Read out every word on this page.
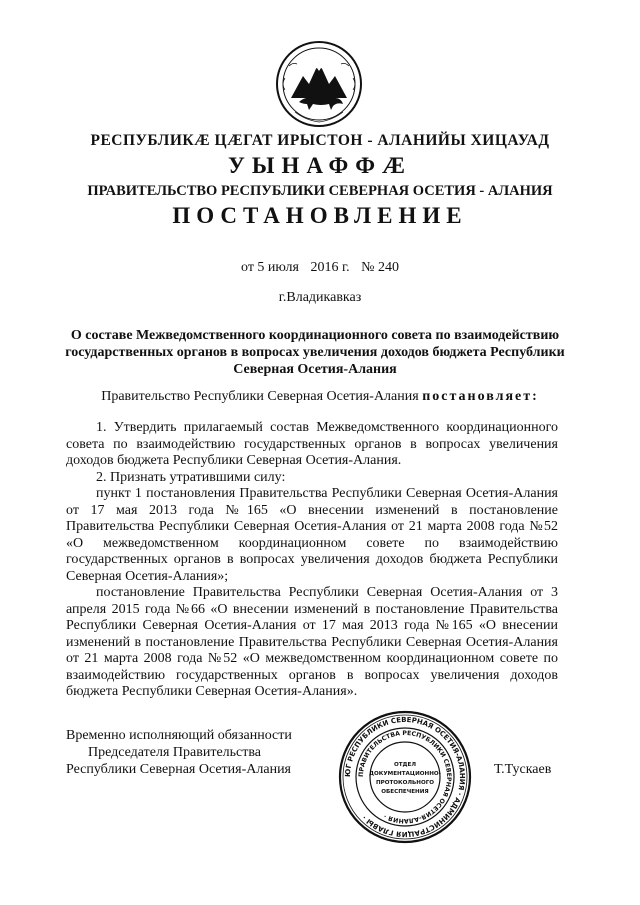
РЕСПУБЛИКӔ ЦӔГАТ ИРЫСТОН - АЛАНИЙЫ ХИЦАУАД
УЫНАФФӔ
ПРАВИТЕЛЬСТВО РЕСПУБЛИКИ СЕВЕРНАЯ ОСЕТИЯ - АЛАНИЯ
ПОСТАНОВЛЕНИЕ
от 5 июля 2016 г. № 240
г.Владикавказ
О составе Межведомственного координационного совета по взаимодействию государственных органов в вопросах увеличения доходов бюджета Республики Северная Осетия-Алания
Правительство Республики Северная Осетия-Алания постановляет:

1. Утвердить прилагаемый состав Межведомственного координационного совета по взаимодействию государственных органов в вопросах увеличения доходов бюджета Республики Северная Осетия-Алания.

2. Признать утратившими силу:

пункт 1 постановления Правительства Республики Северная Осетия-Алания от 17 мая 2013 года №165 «О внесении изменений в постановление Правительства Республики Северная Осетия-Алания от 21 марта 2008 года №52 «О межведомственном координационном совете по взаимодействию государственных органов в вопросах увеличения доходов бюджета Республики Северная Осетия-Алания»;

постановление Правительства Республики Северная Осетия-Алания от 3 апреля 2015 года №66 «О внесении изменений в постановление Правительства Республики Северная Осетия-Алания от 17 мая 2013 года №165 «О внесении изменений в постановление Правительства Республики Северная Осетия-Алания от 21 марта 2008 года №52 «О межведомственном координационном совете по взаимодействию государственных органов в вопросах увеличения доходов бюджета Республики Северная Осетия-Алания».

Временно исполняющий обязанности
Председателя Правительства
Республики Северная Осетия-Алания	ЮГ РЕСПУБЛИКИ СЕВЕРНАЯ ОСЕТИЯ-АЛАНИЯ · АДМИНИСТРАЦИЯ ГЛАВЫ ·
ПРАВИТЕЛЬСТВА РЕСПУБЛИКИ СЕВЕРНАЯ ОСЕТИЯ-АЛАНИЯ ·
ОТДЕЛ
ДОКУМЕНТАЦИОННО-
ПРОТОКОЛЬНОГО
ОБЕСПЕЧЕНИЯ
Т.Тускаев
